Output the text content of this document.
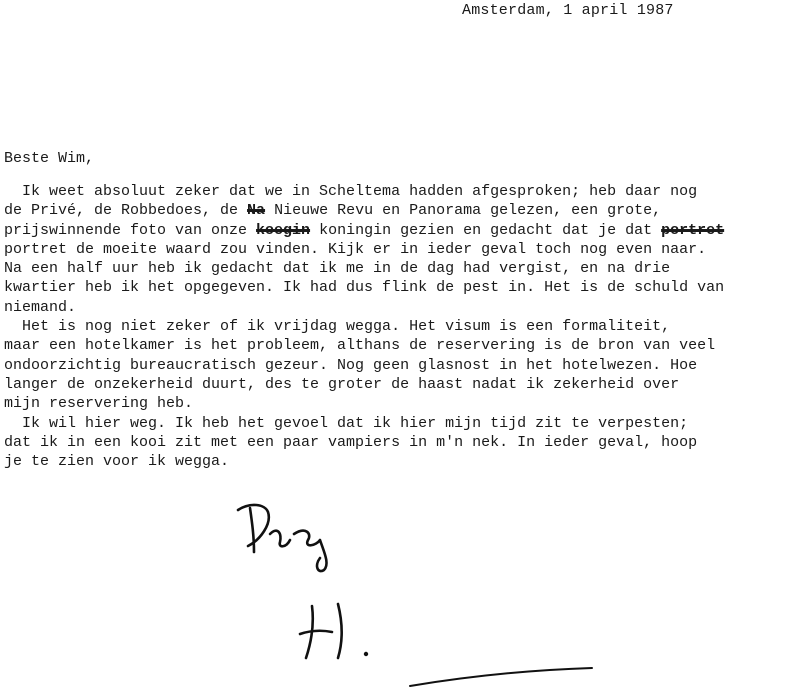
Amsterdam, 1 april 1987
Beste Wim,
Ik weet absoluut zeker dat we in Scheltema hadden afgesproken; heb daar nog
de Privé, de Robbedoes, de Na Nieuwe Revu en Panorama gelezen, een grote,
prijswinnende foto van onze koegin koningin gezien en gedacht dat je dat portret
portret de moeite waard zou vinden. Kijk er in ieder geval toch nog even naar.
Na een half uur heb ik gedacht dat ik me in de dag had vergist, en na drie
kwartier heb ik het opgegeven. Ik had dus flink de pest in. Het is de schuld van
niemand.
Het is nog niet zeker of ik vrijdag wegga. Het visum is een formaliteit,
maar een hotelkamer is het probleem, althans de reservering is de bron van veel
ondoorzichtig bureaucratisch gezeur. Nog geen glasnost in het hotelwezen. Hoe
langer de onzekerheid duurt, des te groter de haast nadat ik zekerheid over
mijn reservering heb.
Ik wil hier weg. Ik heb het gevoel dat ik hier mijn tijd zit te verpesten;
dat ik in een kooi zit met een paar vampiers in m'n nek. In ieder geval, hoop
je te zien voor ik wegga.
